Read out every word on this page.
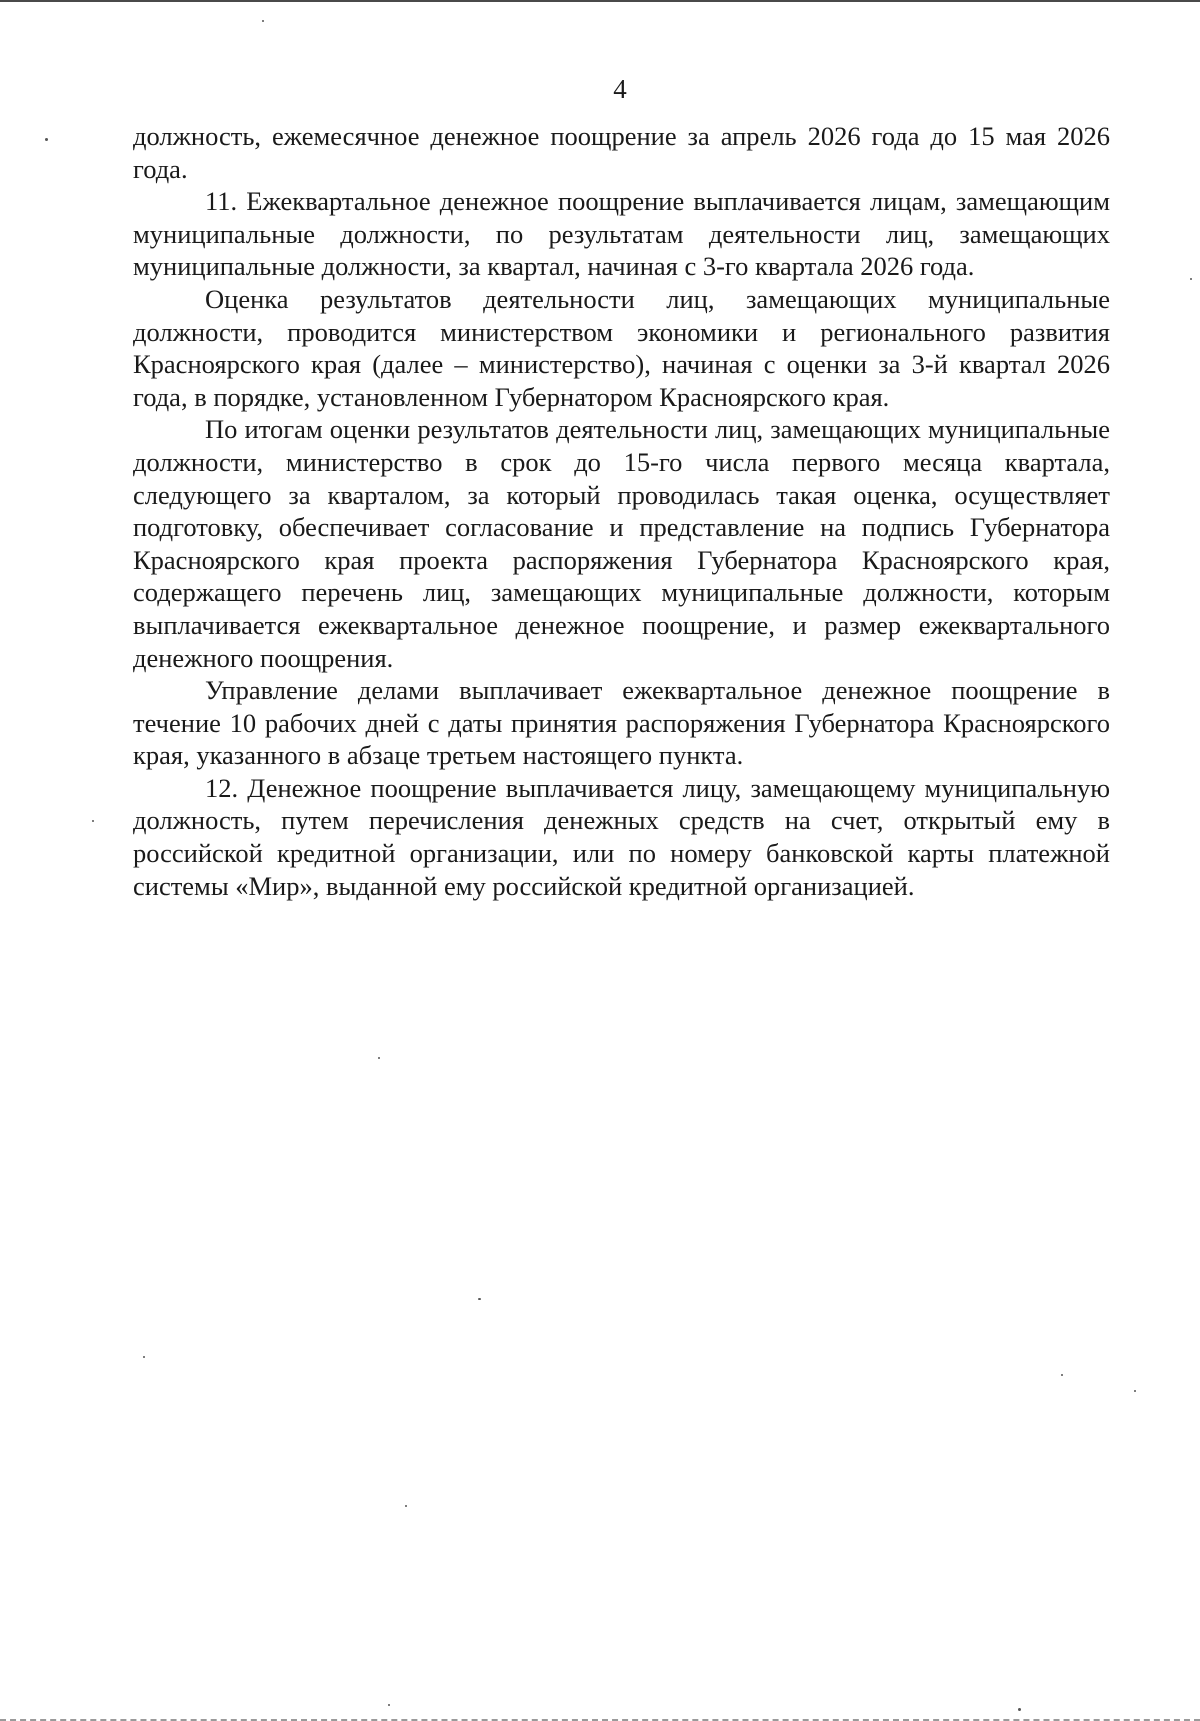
4

должность, ежемесячное денежное поощрение за апрель 2026 года до 15 мая 2026 года.

11. Ежеквартальное денежное поощрение выплачивается лицам, замещающим муниципальные должности, по результатам деятельности лиц, замещающих муниципальные должности, за квартал, начиная с 3-го квартала 2026 года.

Оценка результатов деятельности лиц, замещающих муниципальные должности, проводится министерством экономики и регионального развития Красноярского края (далее – министерство), начиная с оценки за 3-й квартал 2026 года, в порядке, установленном Губернатором Красноярского края.

По итогам оценки результатов деятельности лиц, замещающих муниципальные должности, министерство в срок до 15-го числа первого месяца квартала, следующего за кварталом, за который проводилась такая оценка, осуществляет подготовку, обеспечивает согласование и представление на подпись Губернатора Красноярского края проекта распоряжения Губернатора Красноярского края, содержащего перечень лиц, замещающих муниципальные должности, которым выплачивается ежеквартальное денежное поощрение, и размер ежеквартального денежного поощрения.

Управление делами выплачивает ежеквартальное денежное поощрение в течение 10 рабочих дней с даты принятия распоряжения Губернатора Красноярского края, указанного в абзаце третьем настоящего пункта.

12. Денежное поощрение выплачивается лицу, замещающему муниципальную должность, путем перечисления денежных средств на счет, открытый ему в российской кредитной организации, или по номеру банковской карты платежной системы «Мир», выданной ему российской кредитной организацией.
